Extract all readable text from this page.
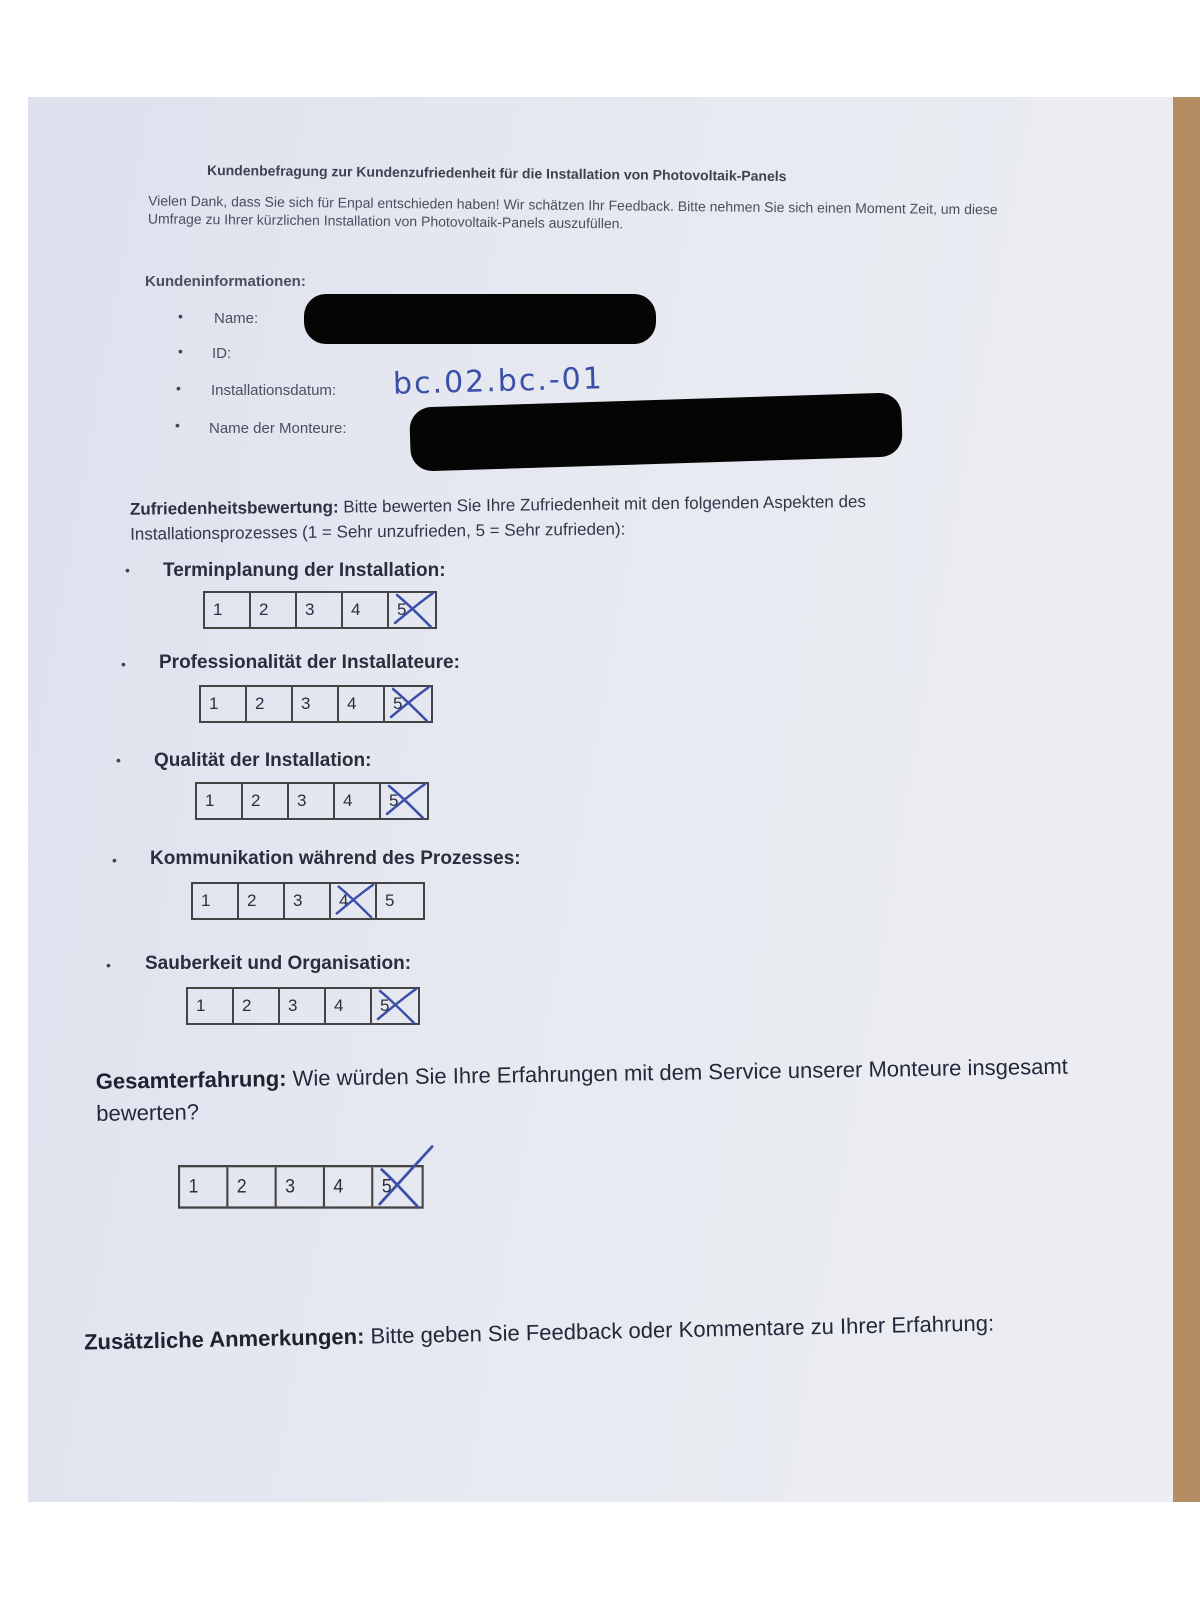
Kundenbefragung zur Kundenzufriedenheit für die Installation von Photovoltaik-Panels
Vielen Dank, dass Sie sich für Enpal entschieden haben! Wir schätzen Ihr Feedback. Bitte nehmen Sie sich einen Moment Zeit, um diese Umfrage zu Ihrer kürzlichen Installation von Photovoltaik-Panels auszufüllen.
Kundeninformationen:
• Name:
• ID:
• Installationsdatum: bc.02.bc.-01
• Name der Monteure:
Zufriedenheitsbewertung: Bitte bewerten Sie Ihre Zufriedenheit mit den folgenden Aspekten des Installationsprozesses (1 = Sehr unzufrieden, 5 = Sehr zufrieden):
• Terminplanung der Installation:
1 2 3 4 5
• Professionalität der Installateure:
1 2 3 4 5
• Qualität der Installation:
1 2 3 4 5
• Kommunikation während des Prozesses:
1 2 3 4 5
• Sauberkeit und Organisation:
1 2 3 4 5
Gesamterfahrung: Wie würden Sie Ihre Erfahrungen mit dem Service unserer Monteure insgesamt bewerten?
1 2 3 4 5
Zusätzliche Anmerkungen: Bitte geben Sie Feedback oder Kommentare zu Ihrer Erfahrung:
